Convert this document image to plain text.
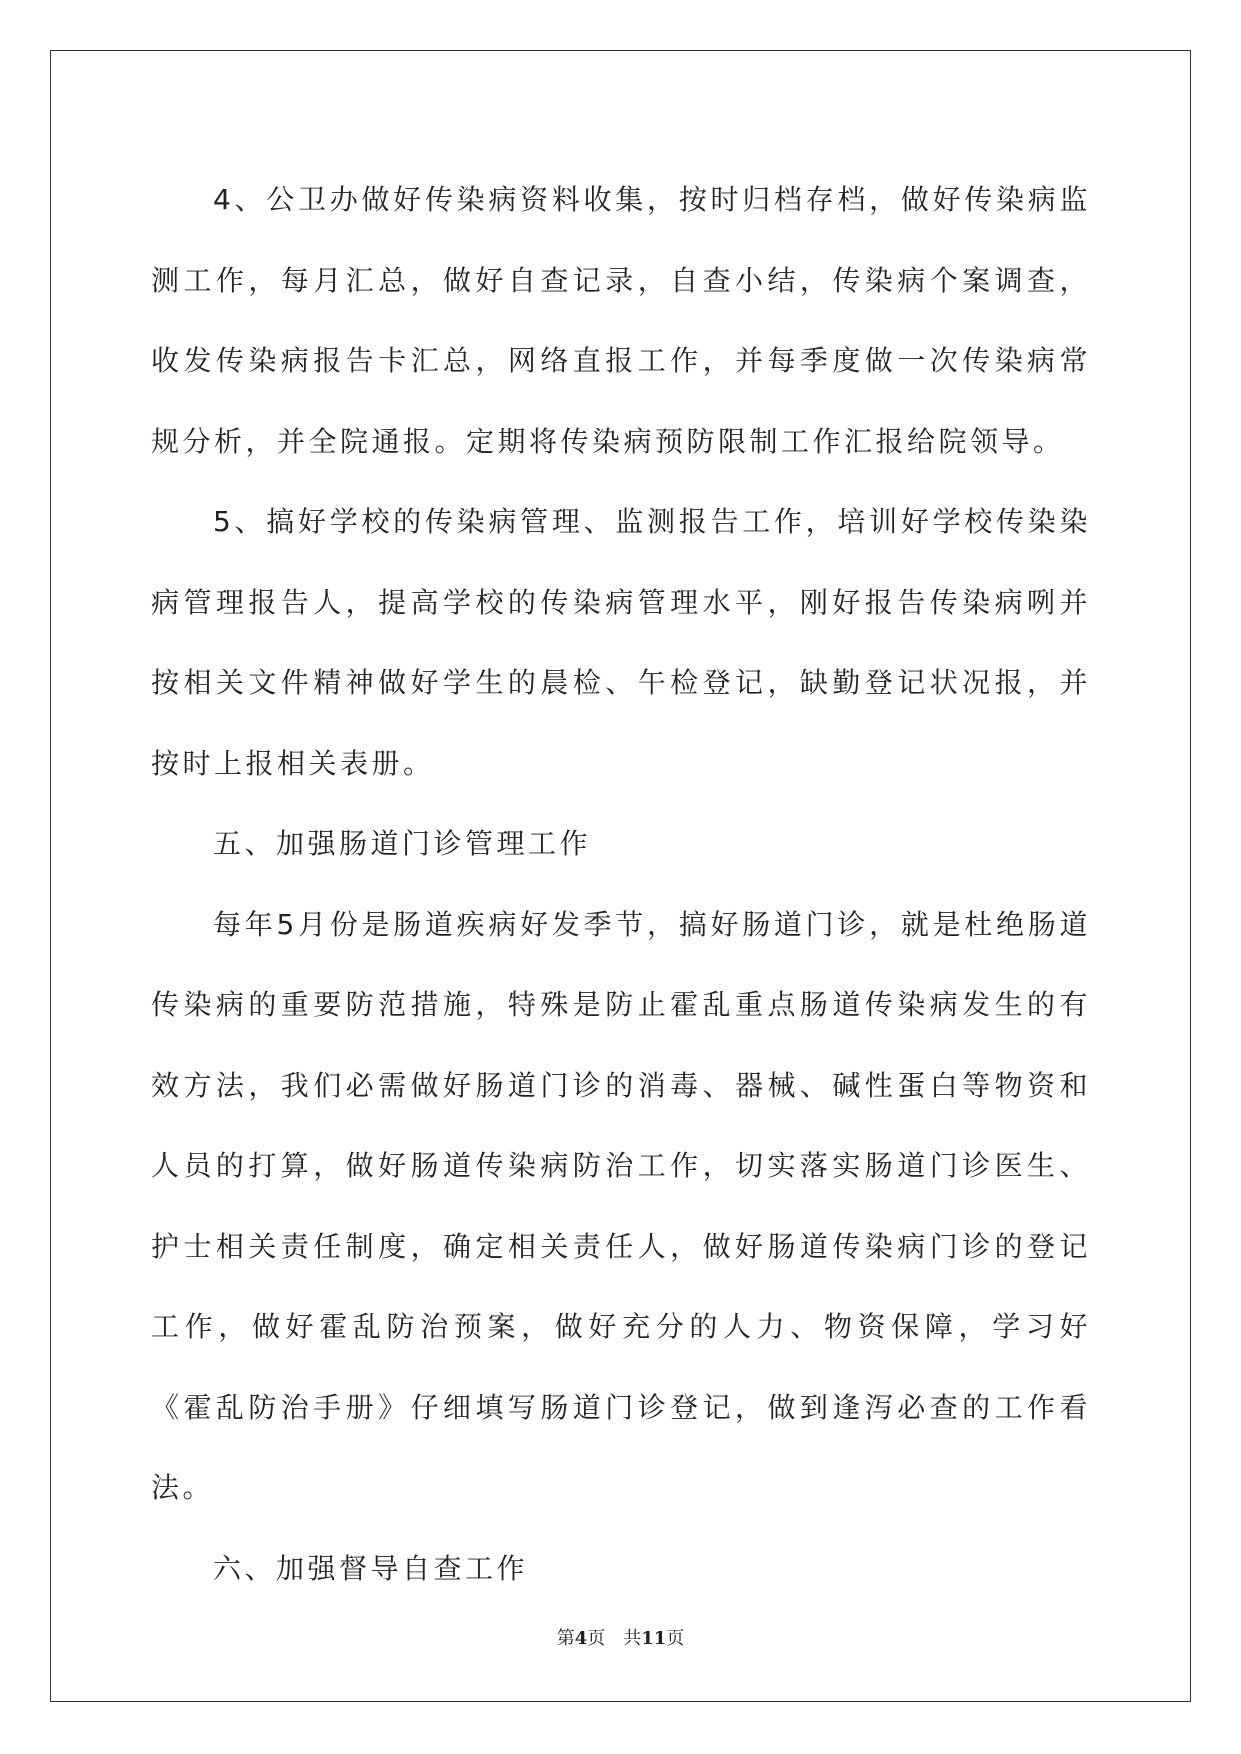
4、公卫办做好传染病资料收集，按时归档存档，做好传染病监测工作，每月汇总，做好自查记录，自查小结，传染病个案调查，收发传染病报告卡汇总，网络直报工作，并每季度做一次传染病常规分析，并全院通报。定期将传染病预防限制工作汇报给院领导。

5、搞好学校的传染病管理、监测报告工作，培训好学校传染染病管理报告人，提高学校的传染病管理水平，刚好报告传染病咧并按相关文件精神做好学生的晨检、午检登记，缺勤登记状况报，并按时上报相关表册。

五、加强肠道门诊管理工作

每年5月份是肠道疾病好发季节，搞好肠道门诊，就是杜绝肠道传染病的重要防范措施，特殊是防止霍乱重点肠道传染病发生的有效方法，我们必需做好肠道门诊的消毒、器械、碱性蛋白等物资和人员的打算，做好肠道传染病防治工作，切实落实肠道门诊医生、护士相关责任制度，确定相关责任人，做好肠道传染病门诊的登记工作，做好霍乱防治预案，做好充分的人力、物资保障，学习好《霍乱防治手册》仔细填写肠道门诊登记，做到逢泻必查的工作看法。

六、加强督导自查工作

第4页 共11页
